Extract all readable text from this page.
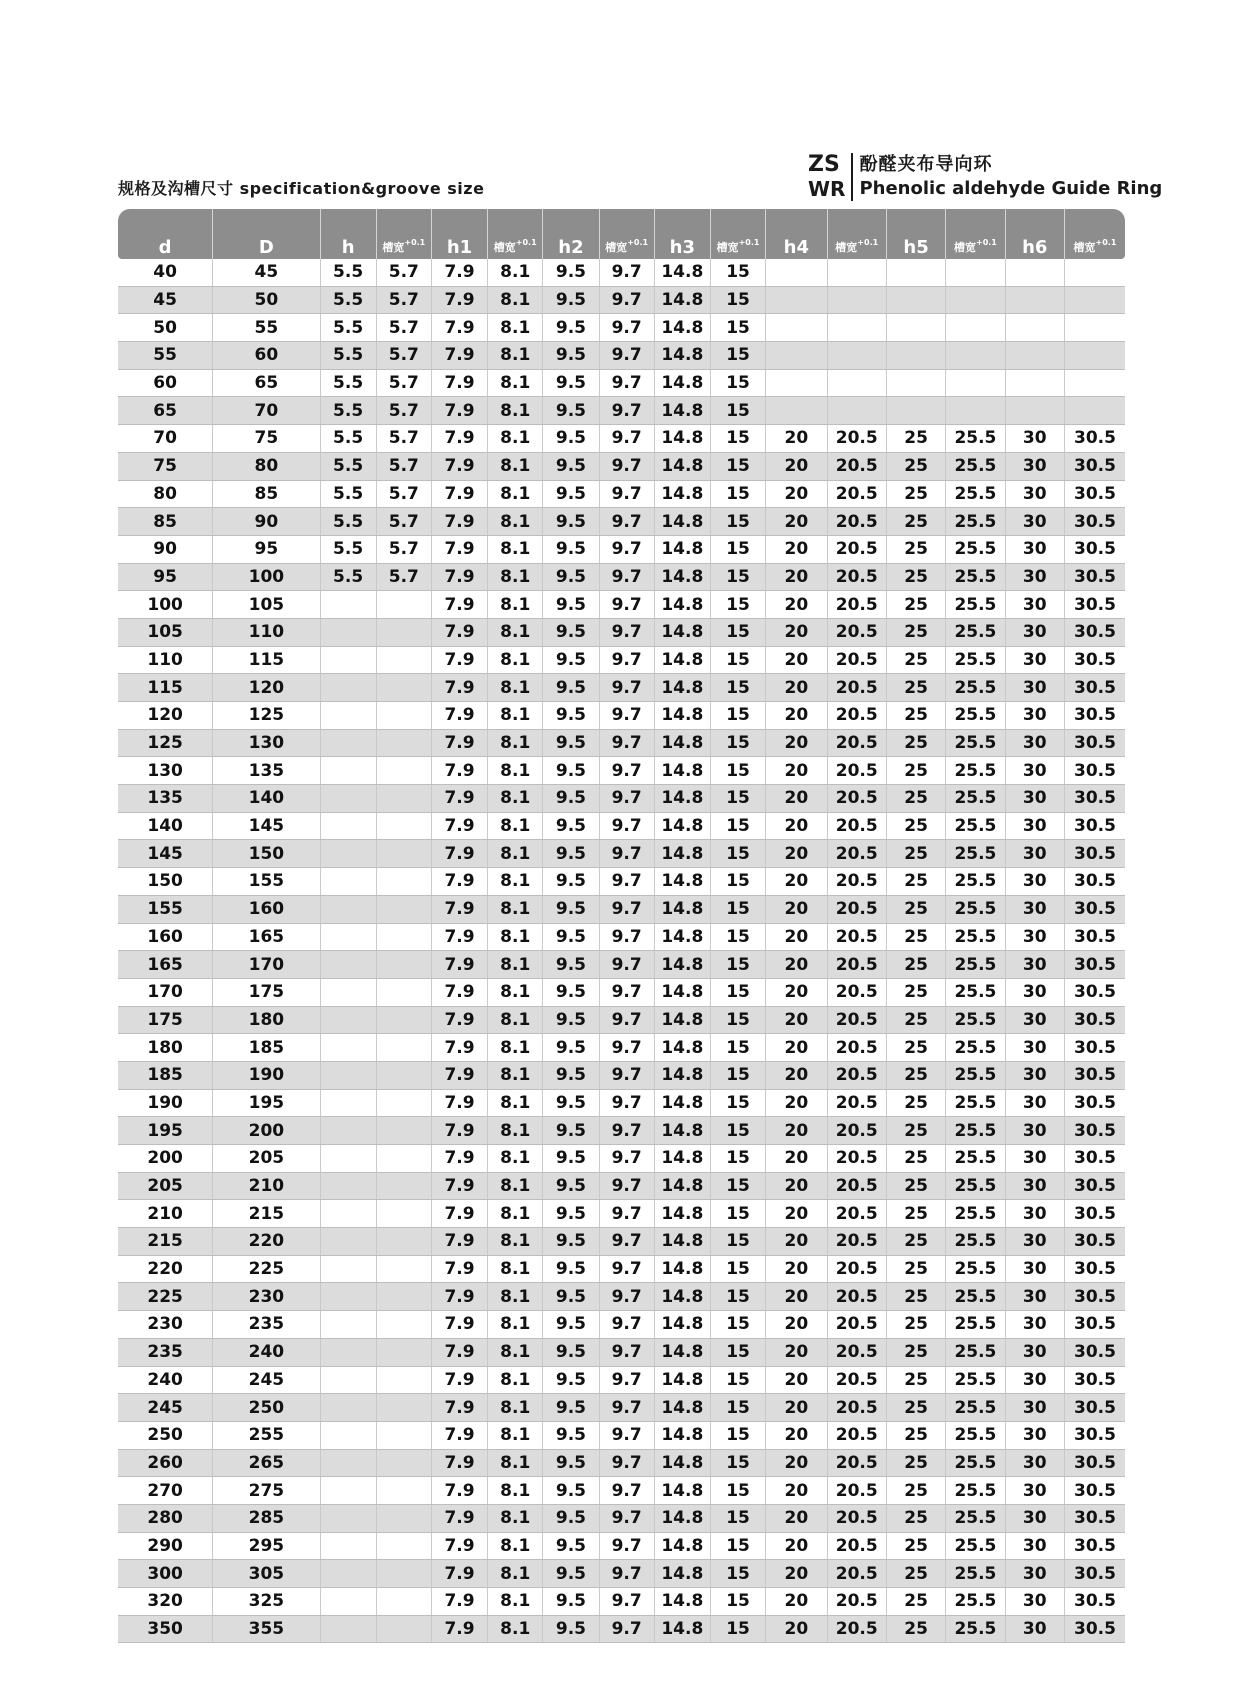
规格及沟槽尺寸 specification&groove size
ZS
WR
酚醛夹布导向环
Phenolic aldehyde Guide Ring
d	D	h	槽宽$^{+0.1}$	h1	槽宽$^{+0.1}$	h2	槽宽$^{+0.1}$	h3	槽宽$^{+0.1}$	h4	槽宽$^{+0.1}$	h5	槽宽$^{+0.1}$	h6	槽宽$^{+0.1}$
40	45	5.5	5.7	7.9	8.1	9.5	9.7	14.8	15						
45	50	5.5	5.7	7.9	8.1	9.5	9.7	14.8	15						
50	55	5.5	5.7	7.9	8.1	9.5	9.7	14.8	15						
55	60	5.5	5.7	7.9	8.1	9.5	9.7	14.8	15						
60	65	5.5	5.7	7.9	8.1	9.5	9.7	14.8	15						
65	70	5.5	5.7	7.9	8.1	9.5	9.7	14.8	15						
70	75	5.5	5.7	7.9	8.1	9.5	9.7	14.8	15	20	20.5	25	25.5	30	30.5
75	80	5.5	5.7	7.9	8.1	9.5	9.7	14.8	15	20	20.5	25	25.5	30	30.5
80	85	5.5	5.7	7.9	8.1	9.5	9.7	14.8	15	20	20.5	25	25.5	30	30.5
85	90	5.5	5.7	7.9	8.1	9.5	9.7	14.8	15	20	20.5	25	25.5	30	30.5
90	95	5.5	5.7	7.9	8.1	9.5	9.7	14.8	15	20	20.5	25	25.5	30	30.5
95	100	5.5	5.7	7.9	8.1	9.5	9.7	14.8	15	20	20.5	25	25.5	30	30.5
100	105			7.9	8.1	9.5	9.7	14.8	15	20	20.5	25	25.5	30	30.5
105	110			7.9	8.1	9.5	9.7	14.8	15	20	20.5	25	25.5	30	30.5
110	115			7.9	8.1	9.5	9.7	14.8	15	20	20.5	25	25.5	30	30.5
115	120			7.9	8.1	9.5	9.7	14.8	15	20	20.5	25	25.5	30	30.5
120	125			7.9	8.1	9.5	9.7	14.8	15	20	20.5	25	25.5	30	30.5
125	130			7.9	8.1	9.5	9.7	14.8	15	20	20.5	25	25.5	30	30.5
130	135			7.9	8.1	9.5	9.7	14.8	15	20	20.5	25	25.5	30	30.5
135	140			7.9	8.1	9.5	9.7	14.8	15	20	20.5	25	25.5	30	30.5
140	145			7.9	8.1	9.5	9.7	14.8	15	20	20.5	25	25.5	30	30.5
145	150			7.9	8.1	9.5	9.7	14.8	15	20	20.5	25	25.5	30	30.5
150	155			7.9	8.1	9.5	9.7	14.8	15	20	20.5	25	25.5	30	30.5
155	160			7.9	8.1	9.5	9.7	14.8	15	20	20.5	25	25.5	30	30.5
160	165			7.9	8.1	9.5	9.7	14.8	15	20	20.5	25	25.5	30	30.5
165	170			7.9	8.1	9.5	9.7	14.8	15	20	20.5	25	25.5	30	30.5
170	175			7.9	8.1	9.5	9.7	14.8	15	20	20.5	25	25.5	30	30.5
175	180			7.9	8.1	9.5	9.7	14.8	15	20	20.5	25	25.5	30	30.5
180	185			7.9	8.1	9.5	9.7	14.8	15	20	20.5	25	25.5	30	30.5
185	190			7.9	8.1	9.5	9.7	14.8	15	20	20.5	25	25.5	30	30.5
190	195			7.9	8.1	9.5	9.7	14.8	15	20	20.5	25	25.5	30	30.5
195	200			7.9	8.1	9.5	9.7	14.8	15	20	20.5	25	25.5	30	30.5
200	205			7.9	8.1	9.5	9.7	14.8	15	20	20.5	25	25.5	30	30.5
205	210			7.9	8.1	9.5	9.7	14.8	15	20	20.5	25	25.5	30	30.5
210	215			7.9	8.1	9.5	9.7	14.8	15	20	20.5	25	25.5	30	30.5
215	220			7.9	8.1	9.5	9.7	14.8	15	20	20.5	25	25.5	30	30.5
220	225			7.9	8.1	9.5	9.7	14.8	15	20	20.5	25	25.5	30	30.5
225	230			7.9	8.1	9.5	9.7	14.8	15	20	20.5	25	25.5	30	30.5
230	235			7.9	8.1	9.5	9.7	14.8	15	20	20.5	25	25.5	30	30.5
235	240			7.9	8.1	9.5	9.7	14.8	15	20	20.5	25	25.5	30	30.5
240	245			7.9	8.1	9.5	9.7	14.8	15	20	20.5	25	25.5	30	30.5
245	250			7.9	8.1	9.5	9.7	14.8	15	20	20.5	25	25.5	30	30.5
250	255			7.9	8.1	9.5	9.7	14.8	15	20	20.5	25	25.5	30	30.5
260	265			7.9	8.1	9.5	9.7	14.8	15	20	20.5	25	25.5	30	30.5
270	275			7.9	8.1	9.5	9.7	14.8	15	20	20.5	25	25.5	30	30.5
280	285			7.9	8.1	9.5	9.7	14.8	15	20	20.5	25	25.5	30	30.5
290	295			7.9	8.1	9.5	9.7	14.8	15	20	20.5	25	25.5	30	30.5
300	305			7.9	8.1	9.5	9.7	14.8	15	20	20.5	25	25.5	30	30.5
320	325			7.9	8.1	9.5	9.7	14.8	15	20	20.5	25	25.5	30	30.5
350	355			7.9	8.1	9.5	9.7	14.8	15	20	20.5	25	25.5	30	30.5
